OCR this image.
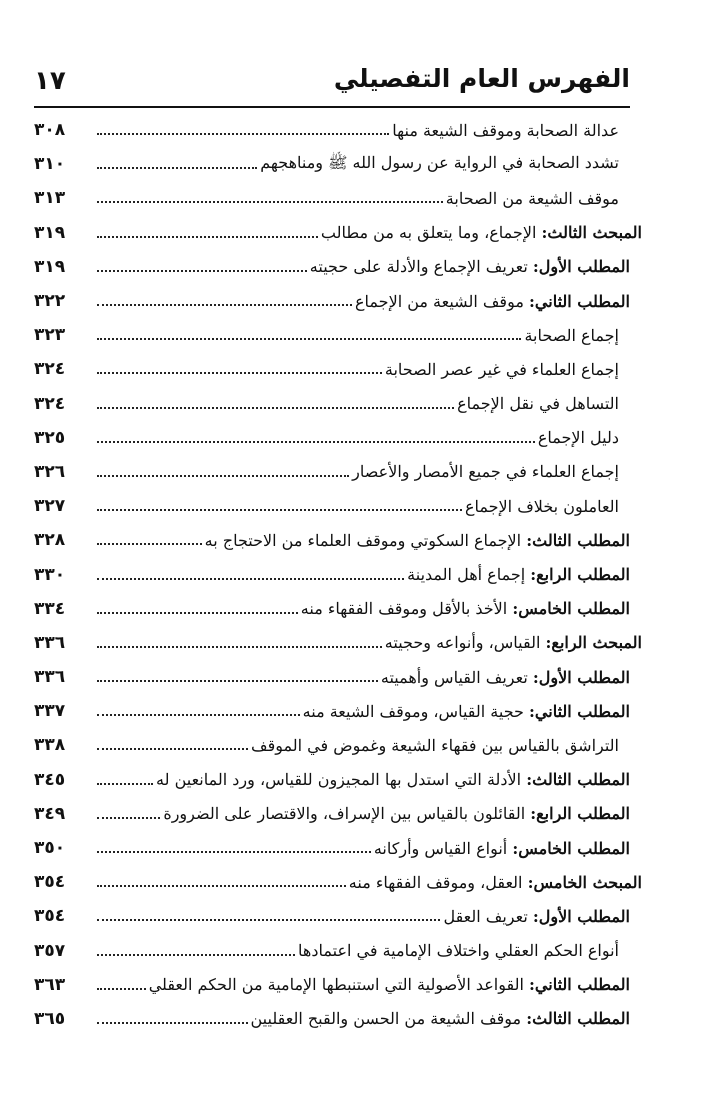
١٧	الفهرس العام التفصيلي
عدالة الصحابة وموقف الشيعة منها
٣٠٨
تشدد الصحابة في الرواية عن رسول الله ﷺ ومناهجهم
٣١٠
موقف الشيعة من الصحابة
٣١٣
المبحث الثالث: الإجماع، وما يتعلق به من مطالب
٣١٩
المطلب الأول: تعريف الإجماع والأدلة على حجيته
٣١٩
المطلب الثاني: موقف الشيعة من الإجماع
٣٢٢
إجماع الصحابة
٣٢٣
إجماع العلماء في غير عصر الصحابة
٣٢٤
التساهل في نقل الإجماع
٣٢٤
دليل الإجماع
٣٢٥
إجماع العلماء في جميع الأمصار والأعصار
٣٢٦
العاملون بخلاف الإجماع
٣٢٧
المطلب الثالث: الإجماع السكوتي وموقف العلماء من الاحتجاج به
٣٢٨
المطلب الرابع: إجماع أهل المدينة
٣٣٠
المطلب الخامس: الأخذ بالأقل وموقف الفقهاء منه
٣٣٤
المبحث الرابع: القياس، وأنواعه وحجيته
٣٣٦
المطلب الأول: تعريف القياس وأهميته
٣٣٦
المطلب الثاني: حجية القياس، وموقف الشيعة منه
٣٣٧
التراشق بالقياس بين فقهاء الشيعة وغموض في الموقف
٣٣٨
المطلب الثالث: الأدلة التي استدل بها المجيزون للقياس، ورد المانعين له
٣٤٥
المطلب الرابع: القائلون بالقياس بين الإسراف، والاقتصار على الضرورة
٣٤٩
المطلب الخامس: أنواع القياس وأركانه
٣٥٠
المبحث الخامس: العقل، وموقف الفقهاء منه
٣٥٤
المطلب الأول: تعريف العقل
٣٥٤
أنواع الحكم العقلي واختلاف الإمامية في اعتمادها
٣٥٧
المطلب الثاني: القواعد الأصولية التي استنبطها الإمامية من الحكم العقلي
٣٦٣
المطلب الثالث: موقف الشيعة من الحسن والقبح العقليين
٣٦٥
